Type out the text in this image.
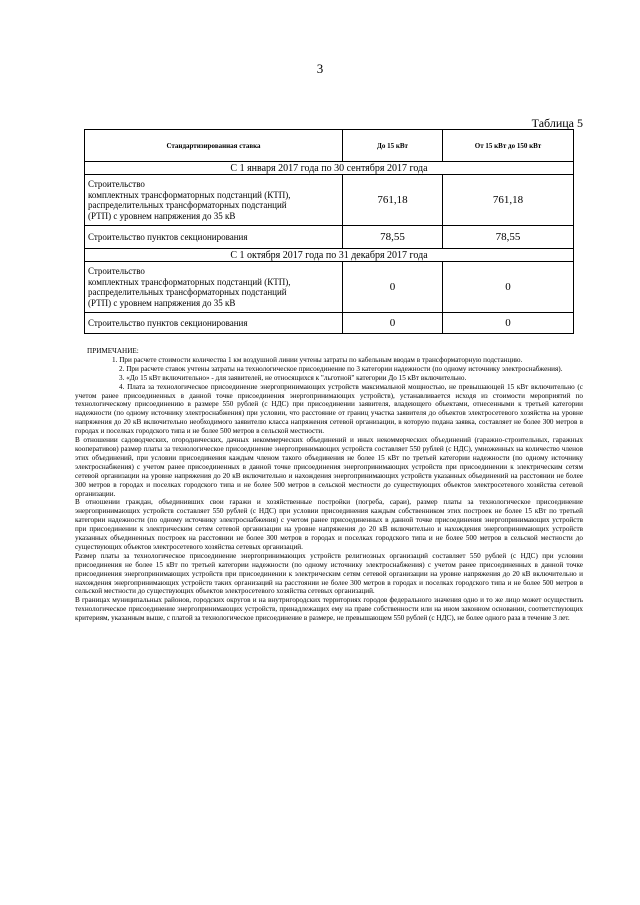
3
Таблица 5
Стандартизированная ставка	До 15 кВт	От 15 кВт до 150 кВт
С 1 января 2017 года по 30 сентября 2017 года		
Строительство
комплектных трансформаторных подстанций (КТП),
распределительных трансформаторных подстанций
(РТП) с уровнем напряжения до 35 кВ	761,18	761,18
Строительство пунктов секционирования	78,55	78,55
С 1 октября 2017 года по 31 декабря 2017 года		
Строительство
комплектных трансформаторных подстанций (КТП),
распределительных трансформаторных подстанций
(РТП) с уровнем напряжения до 35 кВ	0	0
Строительство пунктов секционирования	0	0

ПРИМЕЧАНИЕ:

1. При расчете стоимости количества 1 км воздушной линии учтены затраты по кабельным вводам в трансформаторную подстанцию.

2. При расчете ставок учтены затраты на технологическое присоединение по 3 категории надежности (по одному источнику электроснабжения).

3. «До 15 кВт включительно» - для заявителей, не относящихся к "льготной" категории До 15 кВт включительно.

4. Плата за технологическое присоединение энергопринимающих устройств максимальной мощностью, не превышающей 15 кВт включительно (с учетом ранее присоединенных в данной точке присоединения энергопринимающих устройств), устанавливается исходя из стоимости мероприятий по технологическому присоединению в размере 550 рублей (с НДС) при присоединении заявителя, владеющего объектами, отнесенными к третьей категории надежности (по одному источнику электроснабжения) при условии, что расстояние от границ участка заявителя до объектов электросетевого хозяйства на уровне напряжения до 20 кВ включительно необходимого заявителю класса напряжения сетевой организации, в которую подана заявка, составляет не более 300 метров в городах и поселках городского типа и не более 500 метров в сельской местности.

В отношении садоводческих, огороднических, дачных некоммерческих объединений и иных некоммерческих объединений (гаражно-строительных, гаражных кооперативов) размер платы за технологическое присоединение энергопринимающих устройств составляет 550 рублей (с НДС), умноженных на количество членов этих объединений, при условии присоединения каждым членом такого объединения не более 15 кВт по третьей категории надежности (по одному источнику электроснабжения) с учетом ранее присоединенных в данной точке присоединения энергопринимающих устройств при присоединении к электрическим сетям сетевой организации на уровне напряжения до 20 кВ включительно и нахождения энергопринимающих устройств указанных объединений на расстоянии не более 300 метров в городах и поселках городского типа и не более 500 метров в сельской местности до существующих объектов электросетевого хозяйства сетевой организации.

В отношении граждан, объединивших свои гаражи и хозяйственные постройки (погреба, сараи), размер платы за технологическое присоединение энергопринимающих устройств составляет 550 рублей (с НДС) при условии присоединения каждым собственником этих построек не более 15 кВт по третьей категории надежности (по одному источнику электроснабжения) с учетом ранее присоединенных в данной точке присоединения энергопринимающих устройств при присоединении к электрическим сетям сетевой организации на уровне напряжения до 20 кВ включительно и нахождения энергопринимающих устройств указанных объединенных построек на расстоянии не более 300 метров в городах и поселках городского типа и не более 500 метров в сельской местности до существующих объектов электросетевого хозяйства сетевых организаций.

Размер платы за технологическое присоединение энергопринимающих устройств религиозных организаций составляет 550 рублей (с НДС) при условии присоединения не более 15 кВт по третьей категории надежности (по одному источнику электроснабжения) с учетом ранее присоединенных в данной точке присоединения энергопринимающих устройств при присоединении к электрическим сетям сетевой организации на уровне напряжения до 20 кВ включительно и нахождения энергопринимающих устройств таких организаций на расстоянии не более 300 метров в городах и поселках городского типа и не более 500 метров в сельской местности до существующих объектов электросетевого хозяйства сетевых организаций.

В границах муниципальных районов, городских округов и на внутригородских территориях городов федерального значения одно и то же лицо может осуществить технологическое присоединение энергопринимающих устройств, принадлежащих ему на праве собственности или на ином законном основании, соответствующих критериям, указанным выше, с платой за технологическое присоединение в размере, не превышающем 550 рублей (с НДС), не более одного раза в течение 3 лет.
